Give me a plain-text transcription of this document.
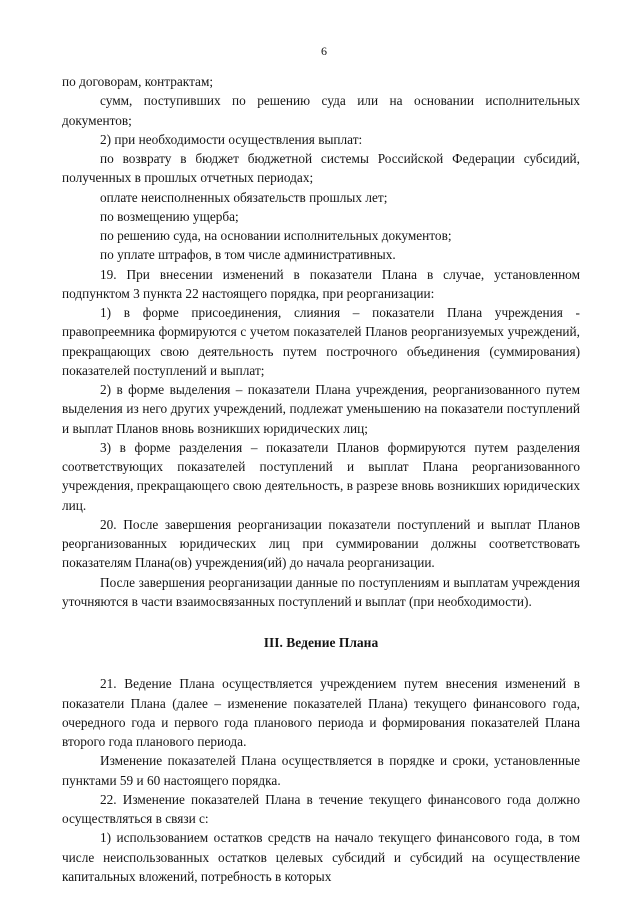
6

по договорам, контрактам;

сумм, поступивших по решению суда или на основании исполнительных документов;

2) при необходимости осуществления выплат:

по возврату в бюджет бюджетной системы Российской Федерации субсидий, полученных в прошлых отчетных периодах;

оплате неисполненных обязательств прошлых лет;

по возмещению ущерба;

по решению суда, на основании исполнительных документов;

по уплате штрафов, в том числе административных.

19. При внесении изменений в показатели Плана в случае, установленном подпунктом 3 пункта 22 настоящего порядка, при реорганизации:

1) в форме присоединения, слияния – показатели Плана учреждения - правопреемника формируются с учетом показателей Планов реорганизуемых учреждений, прекращающих свою деятельность путем построчного объединения (суммирования) показателей поступлений и выплат;

2) в форме выделения – показатели Плана учреждения, реорганизованного путем выделения из него других учреждений, подлежат уменьшению на показатели поступлений и выплат Планов вновь возникших юридических лиц;

3) в форме разделения – показатели Планов формируются путем разделения соответствующих показателей поступлений и выплат Плана реорганизованного учреждения, прекращающего свою деятельность, в разрезе вновь возникших юридических лиц.

20. После завершения реорганизации показатели поступлений и выплат Планов реорганизованных юридических лиц при суммировании должны соответствовать показателям Плана(ов) учреждения(ий) до начала реорганизации.

После завершения реорганизации данные по поступлениям и выплатам учреждения уточняются в части взаимосвязанных поступлений и выплат (при необходимости).

III. Ведение Плана

21. Ведение Плана осуществляется учреждением путем внесения изменений в показатели Плана (далее – изменение показателей Плана) текущего финансового года, очередного года и первого года планового периода и формирования показателей Плана второго года планового периода.

Изменение показателей Плана осуществляется в порядке и сроки, установленные пунктами 59 и 60 настоящего порядка.

22. Изменение показателей Плана в течение текущего финансового года должно осуществляться в связи с:

1) использованием остатков средств на начало текущего финансового года, в том числе неиспользованных остатков целевых субсидий и субсидий на осуществление капитальных вложений, потребность в которых
